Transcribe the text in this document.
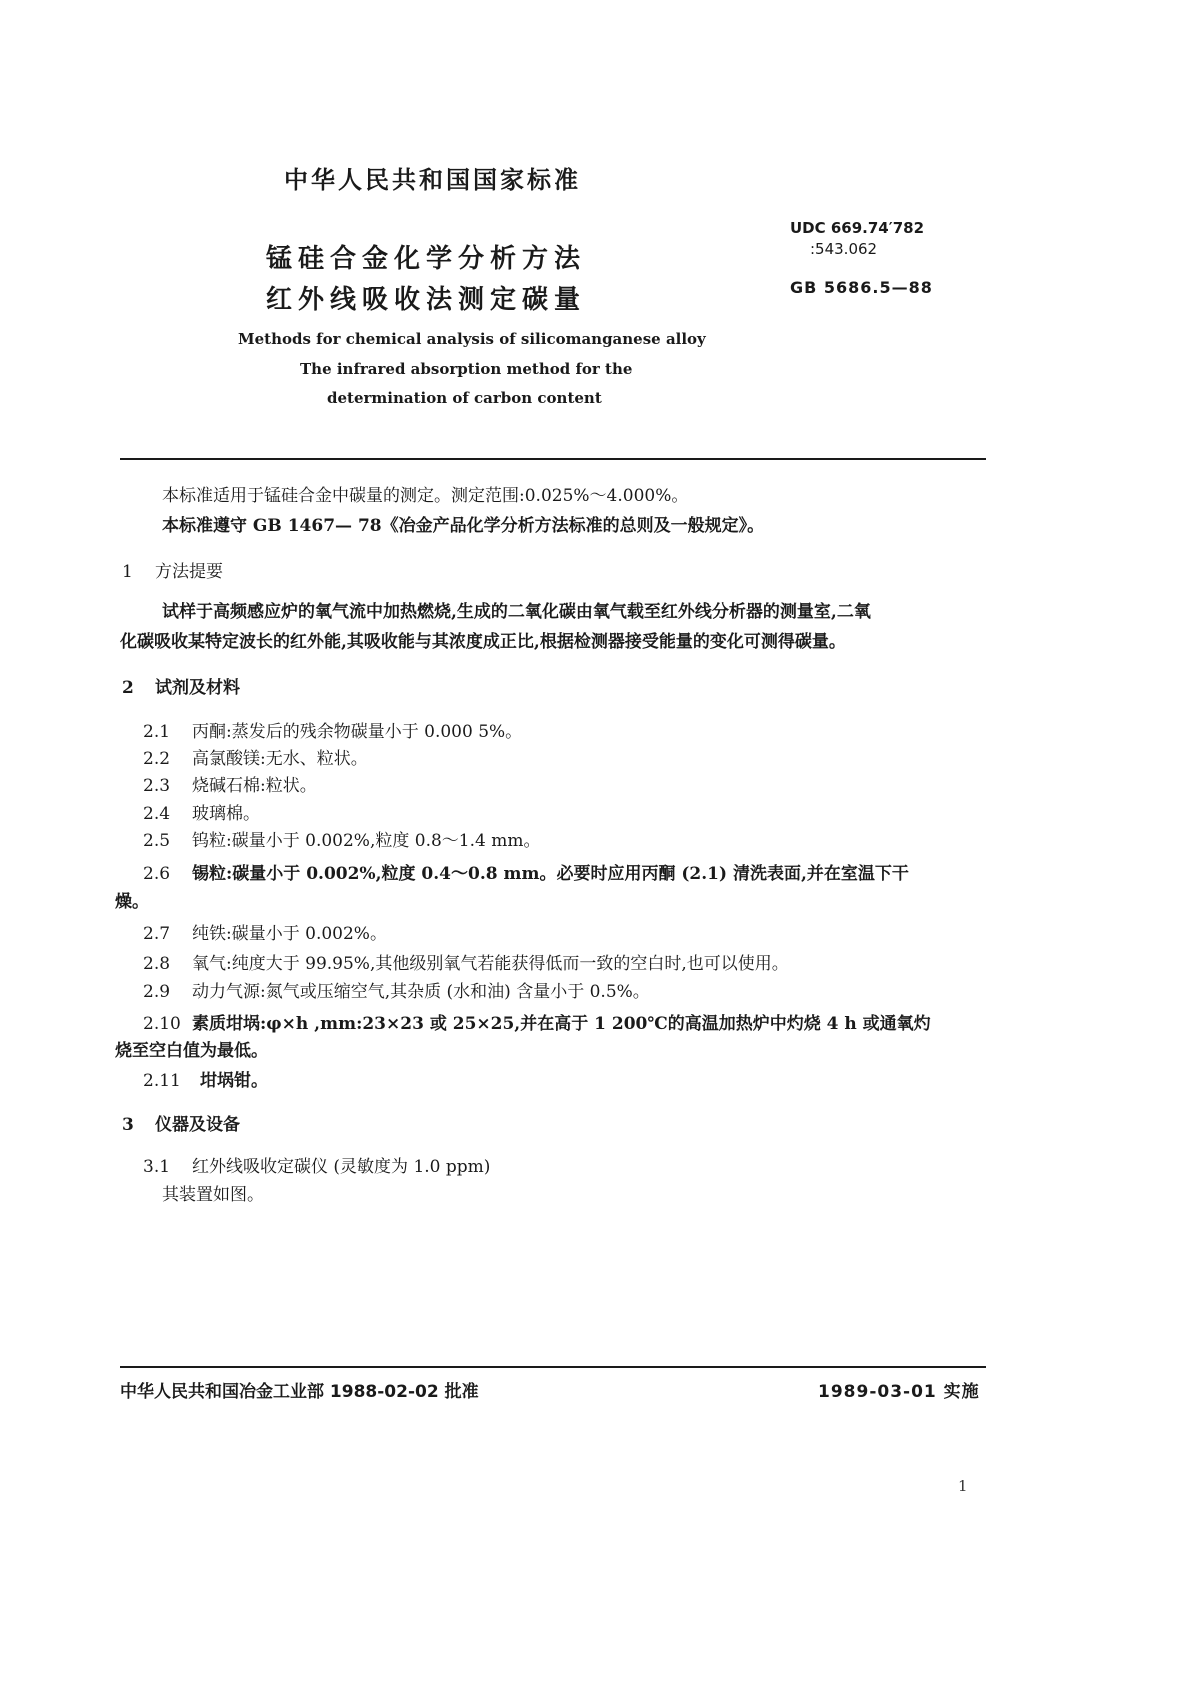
中华人民共和国国家标准
锰硅合金化学分析方法
红外线吸收法测定碳量
UDC 669.74′782
:543.062
GB 5686.5—88
Methods for chemical analysis of silicomanganese alloy
The infrared absorption method for the
determination of carbon content
本标准适用于锰硅合金中碳量的测定。测定范围:0.025%～4.000%。
本标准遵守 GB 1467— 78《冶金产品化学分析方法标准的总则及一般规定》。
1 方法提要
试样于高频感应炉的氧气流中加热燃烧,生成的二氧化碳由氧气载至红外线分析器的测量室,二氧
化碳吸收某特定波长的红外能,其吸收能与其浓度成正比,根据检测器接受能量的变化可测得碳量。
2 试剂及材料
2.1 丙酮:蒸发后的残余物碳量小于 0.000 5%。
2.2 高氯酸镁:无水、粒状。
2.3 烧碱石棉:粒状。
2.4 玻璃棉。
2.5 钨粒:碳量小于 0.002%,粒度 0.8～1.4 mm。
2.6 锡粒:碳量小于 0.002%,粒度 0.4～0.8 mm。必要时应用丙酮 (2.1) 清洗表面,并在室温下干
燥。
2.7 纯铁:碳量小于 0.002%。
2.8 氧气:纯度大于 99.95%,其他级别氧气若能获得低而一致的空白时,也可以使用。
2.9 动力气源:氮气或压缩空气,其杂质 (水和油) 含量小于 0.5%。
2.10 素质坩埚:φ×h ,mm:23×23 或 25×25,并在高于 1 200℃的高温加热炉中灼烧 4 h 或通氧灼
烧至空白值为最低。
2.11 坩埚钳。
3 仪器及设备
3.1 红外线吸收定碳仪 (灵敏度为 1.0 ppm)
其装置如图。
中华人民共和国冶金工业部 1988-02-02 批准	1989-03-01 实施
1
